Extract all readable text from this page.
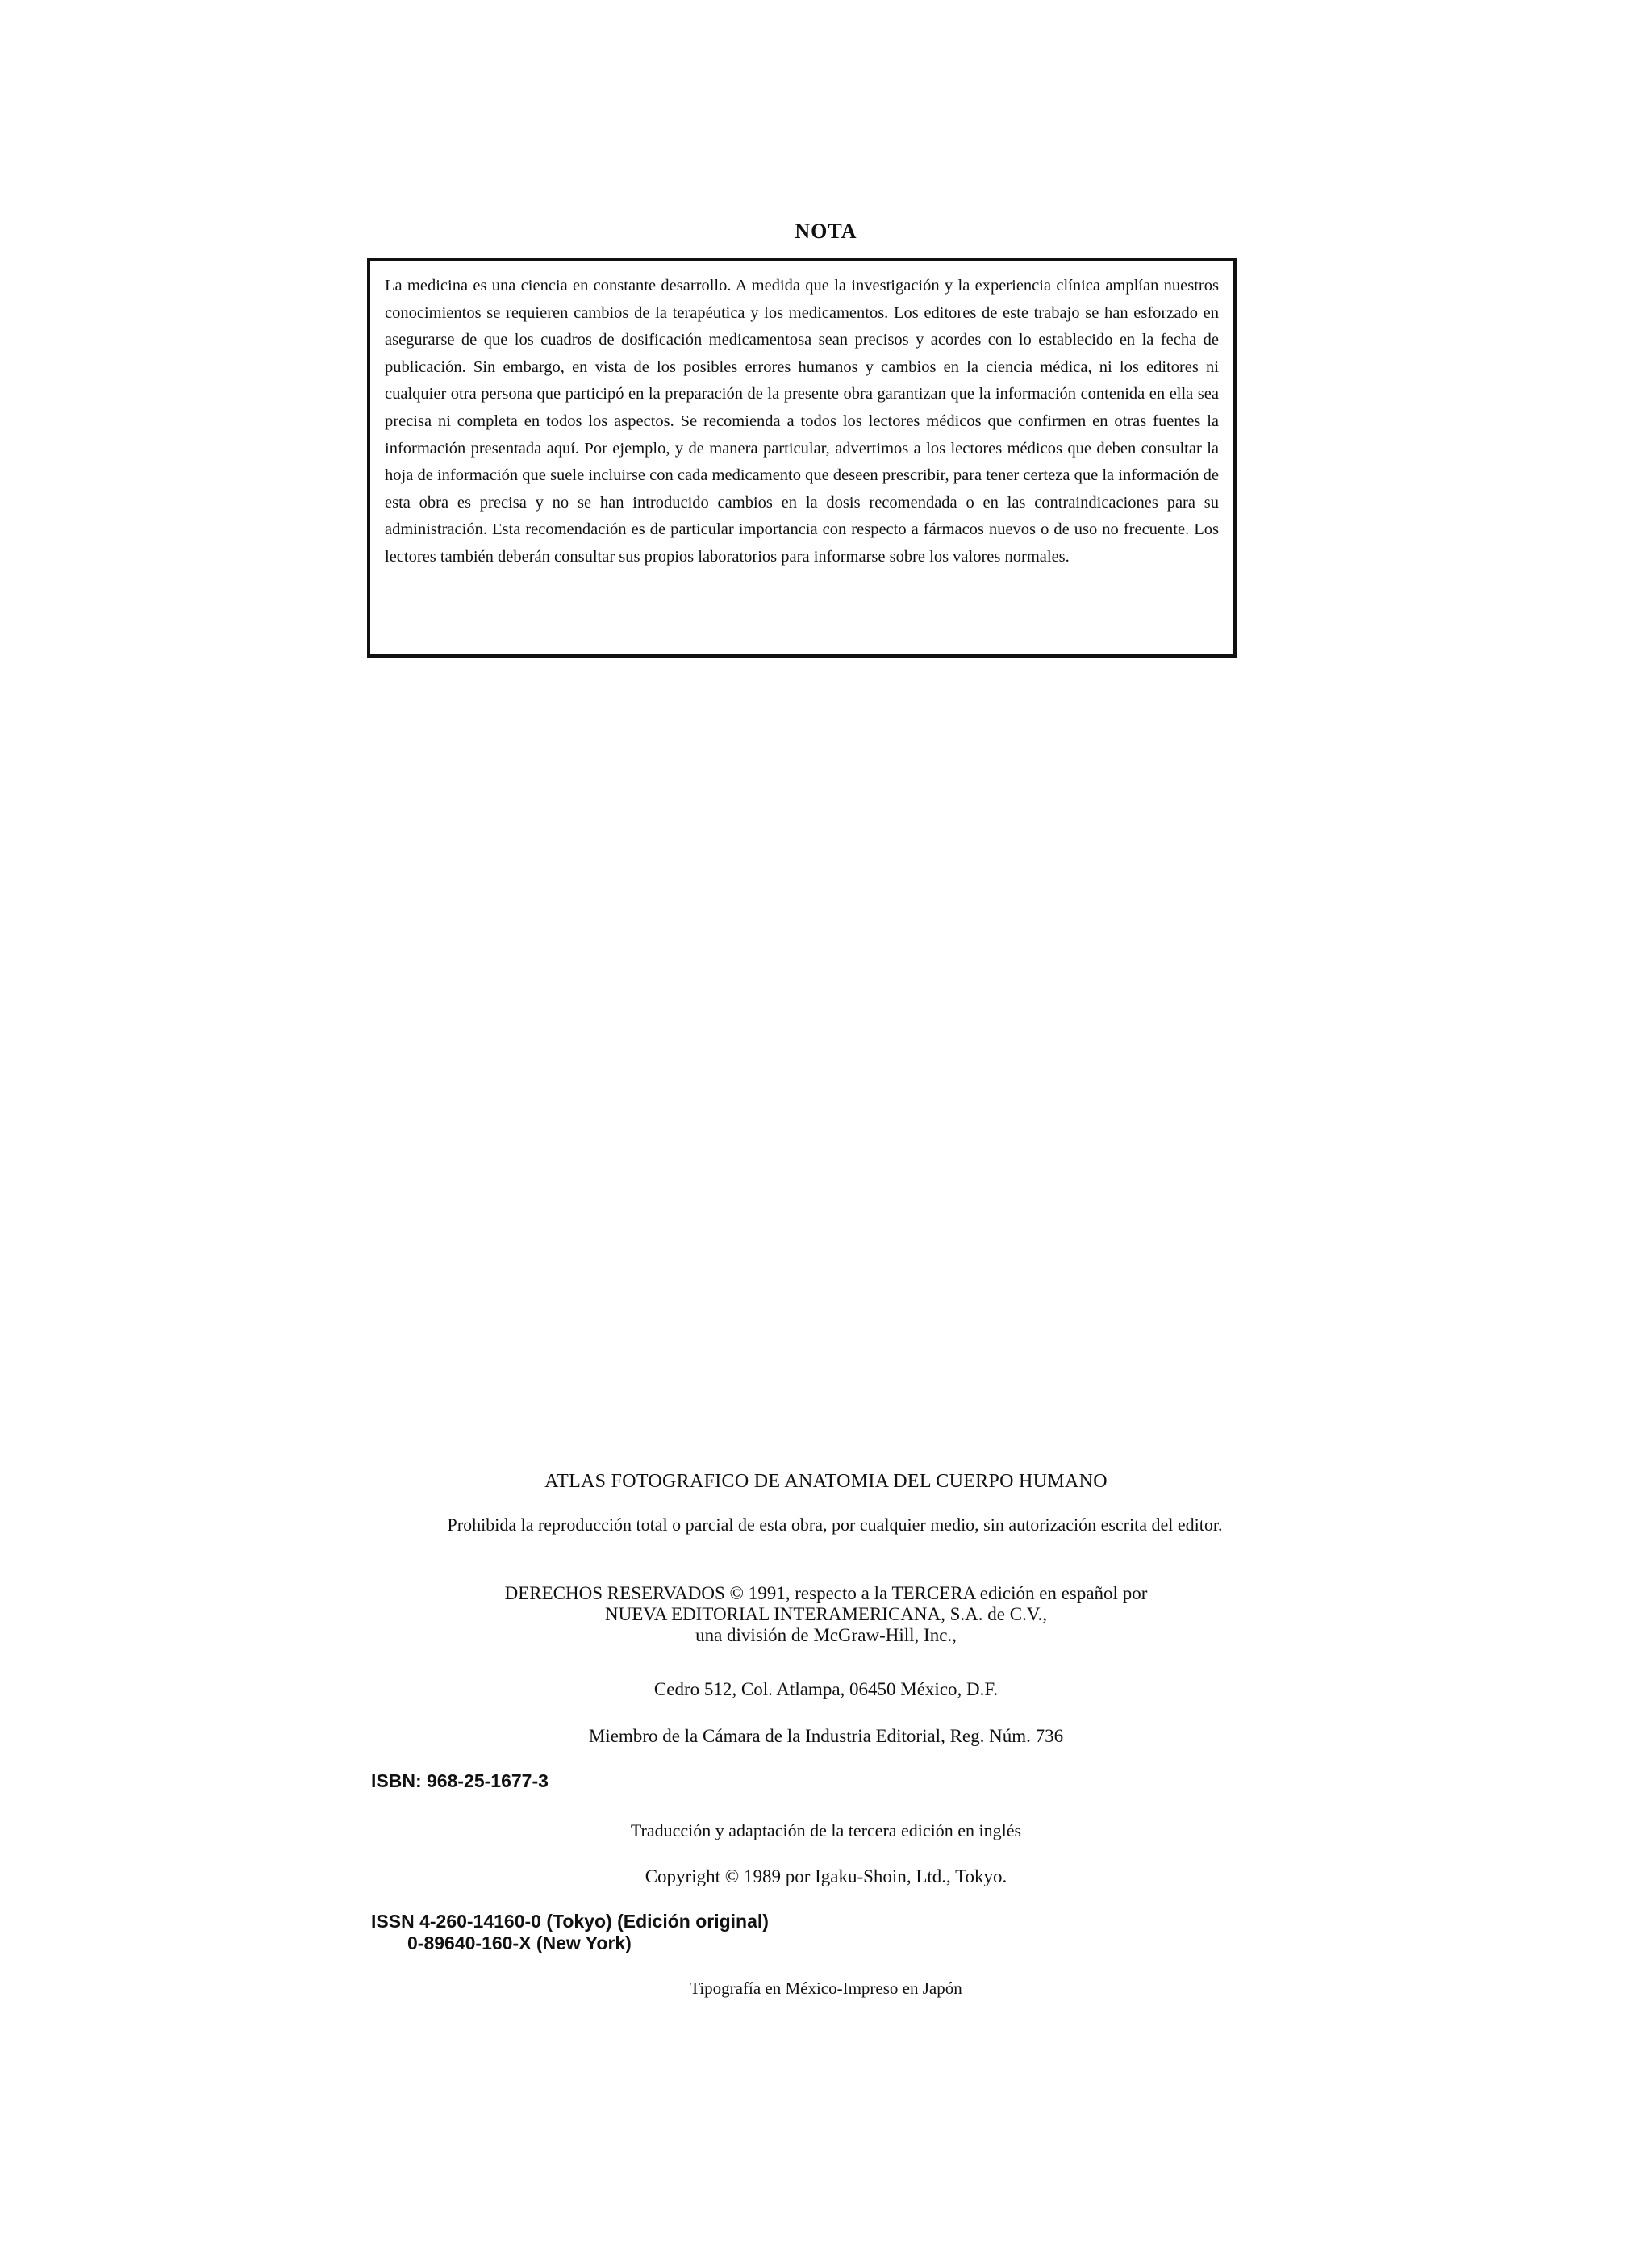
NOTA

La medicina es una ciencia en constante desarrollo. A medida que la investigación y la experiencia clínica amplían nuestros conocimientos se requieren cambios de la terapéutica y los medicamentos. Los editores de este trabajo se han esforzado en asegurarse de que los cuadros de dosificación medicamentosa sean precisos y acordes con lo establecido en la fecha de publicación. Sin embargo, en vista de los posibles errores humanos y cambios en la ciencia médica, ni los editores ni cualquier otra persona que participó en la preparación de la presente obra garantizan que la información contenida en ella sea precisa ni completa en todos los aspectos. Se recomienda a todos los lectores médicos que confirmen en otras fuentes la información presentada aquí. Por ejemplo, y de manera particular, advertimos a los lectores médicos que deben consultar la hoja de información que suele incluirse con cada medicamento que deseen prescribir, para tener certeza que la información de esta obra es precisa y no se han introducido cambios en la dosis recomendada o en las contraindicaciones para su administración. Esta recomendación es de particular importancia con respecto a fármacos nuevos o de uso no frecuente. Los lectores también deberán consultar sus propios laboratorios para informarse sobre los valores normales.

ATLAS FOTOGRAFICO DE ANATOMIA DEL CUERPO HUMANO
Prohibida la reproducción total o parcial de esta obra, por cualquier medio, sin autorización escrita del editor.
DERECHOS RESERVADOS © 1991, respecto a la TERCERA edición en español por
NUEVA EDITORIAL INTERAMERICANA, S.A. de C.V.,
una división de McGraw-Hill, Inc.,
Cedro 512, Col. Atlampa, 06450 México, D.F.
Miembro de la Cámara de la Industria Editorial, Reg. Núm. 736
ISBN: 968-25-1677-3
Traducción y adaptación de la tercera edición en inglés
Copyright © 1989 por Igaku-Shoin, Ltd., Tokyo.
ISSN 4-260-14160-0 (Tokyo) (Edición original)
0-89640-160-X (New York)
Tipografía en México-Impreso en Japón
